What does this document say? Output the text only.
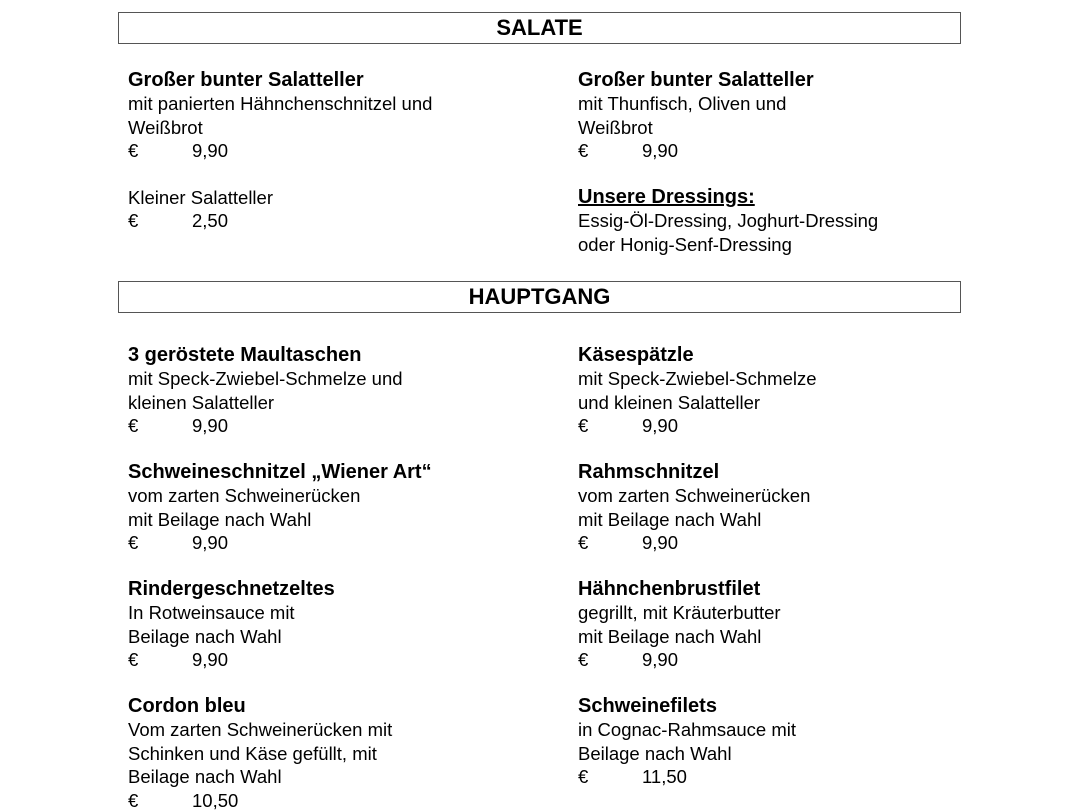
SALATE
Großer bunter Salatteller
mit panierten Hähnchenschnitzel und
Weißbrot
€	9,90
Großer bunter Salatteller
mit Thunfisch, Oliven und
Weißbrot
€	9,90
Kleiner Salatteller
€	2,50
Unsere Dressings:
Essig-Öl-Dressing, Joghurt-Dressing
oder Honig-Senf-Dressing
HAUPTGANG
3 geröstete Maultaschen
mit Speck-Zwiebel-Schmelze und
kleinen Salatteller
€	9,90
Käsespätzle
mit Speck-Zwiebel-Schmelze
und kleinen Salatteller
€	9,90
Schweineschnitzel „Wiener Art“
vom zarten Schweinerücken
mit Beilage nach Wahl
€	9,90
Rahmschnitzel
vom zarten Schweinerücken
mit Beilage nach Wahl
€	9,90
Rindergeschnetzeltes
In Rotweinsauce mit
Beilage nach Wahl
€	9,90
Hähnchenbrustfilet
gegrillt, mit Kräuterbutter
mit Beilage nach Wahl
€	9,90
Cordon bleu
Vom zarten Schweinerücken mit
Schinken und Käse gefüllt, mit
Beilage nach Wahl
€	10,50
Schweinefilets
in Cognac-Rahmsauce mit
Beilage nach Wahl
€	11,50
